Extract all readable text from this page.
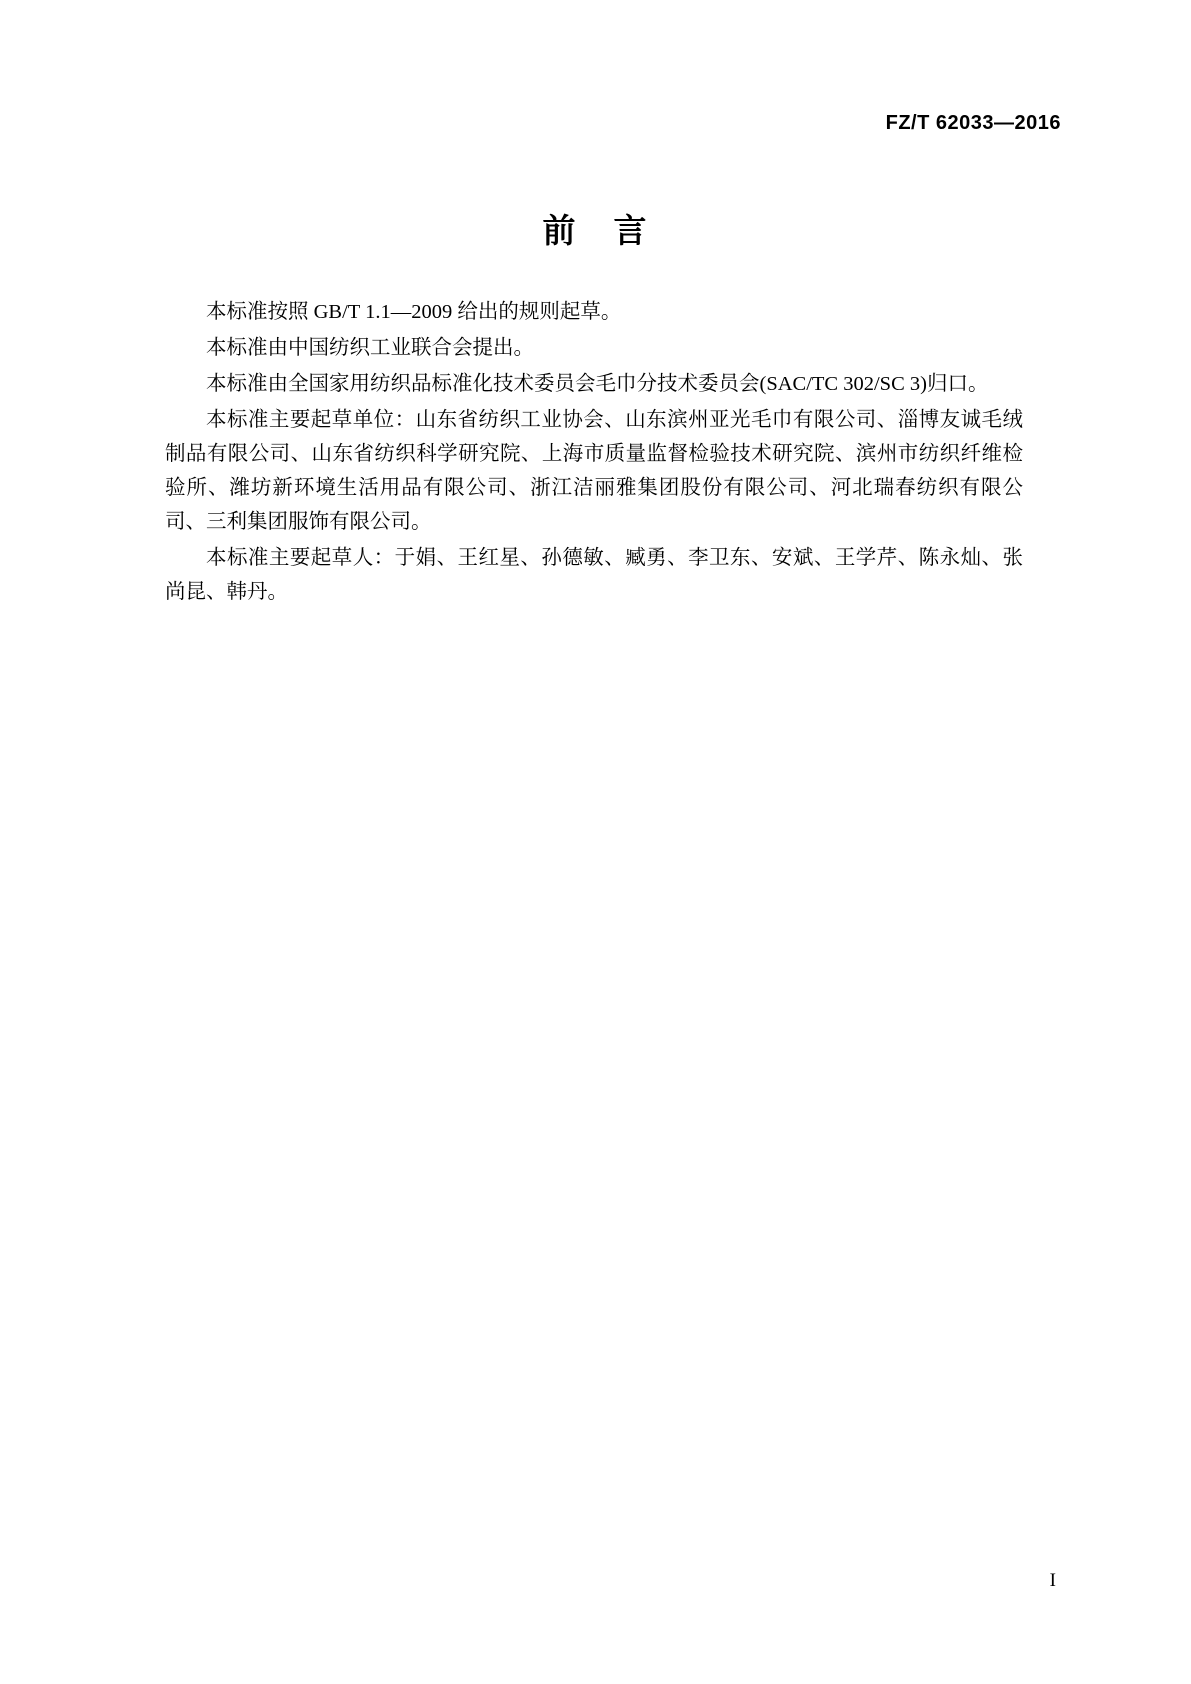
FZ/T 62033—2016
前 言

本标准按照 GB/T 1.1—2009 给出的规则起草。

本标准由中国纺织工业联合会提出。

本标准由全国家用纺织品标准化技术委员会毛巾分技术委员会(SAC/TC 302/SC 3)归口。

本标准主要起草单位：山东省纺织工业协会、山东滨州亚光毛巾有限公司、淄博友诚毛绒制品有限公司、山东省纺织科学研究院、上海市质量监督检验技术研究院、滨州市纺织纤维检验所、潍坊新环境生活用品有限公司、浙江洁丽雅集团股份有限公司、河北瑞春纺织有限公司、三利集团服饰有限公司。

本标准主要起草人：于娟、王红星、孙德敏、臧勇、李卫东、安斌、王学芹、陈永灿、张尚昆、韩丹。

I
